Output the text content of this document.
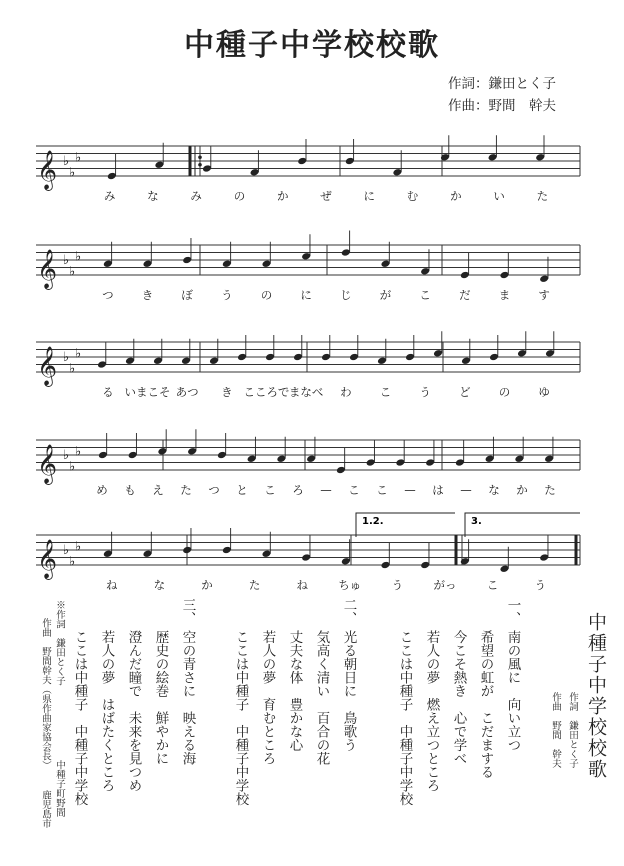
中種子中学校校歌
作詞：鎌田とく子
作曲：野間　幹夫
𝄞 ♭
♭
♭
み	な	み	の	か	ぜ	に	む	か	い	た
𝄞 ♭
♭
♭
つ き ぼ う の に じ が こ だ ま す
𝄞 ♭
♭
♭
る いまこそ あつ き こころで まなべ わ こ う ど の ゆ
𝄞 ♭
♭
♭
め も え た つ と こ ろ — こ こ — は — な か た
𝄞 ♭
♭
♭
ね	な	か	た	ね	ちゅ	う	がっ	こ	う
1.2.	3.
中種子中学校校歌
作詞　鎌田とく子
作曲　野間　幹夫
一、
南の風に　向い立つ
希望の虹が　こだまする
今こそ熱き　心で学べ
若人の夢　燃え立つところ
ここは中種子　中種子中学校
二、
光る朝日に　鳥歌う
気高く清い　百合の花
丈夫な体　豊かな心
若人の夢　育むところ
ここは中種子　中種子中学校
三、
空の青さに　映える海
歴史の絵巻　鮮やかに
澄んだ瞳で　未来を見つめ
若人の夢　はばたくところ
ここは中種子　中種子中学校
※作詞　鎌田とく子
作曲　野間幹夫（県作曲家協会長）
中種子町野間
鹿児島市
